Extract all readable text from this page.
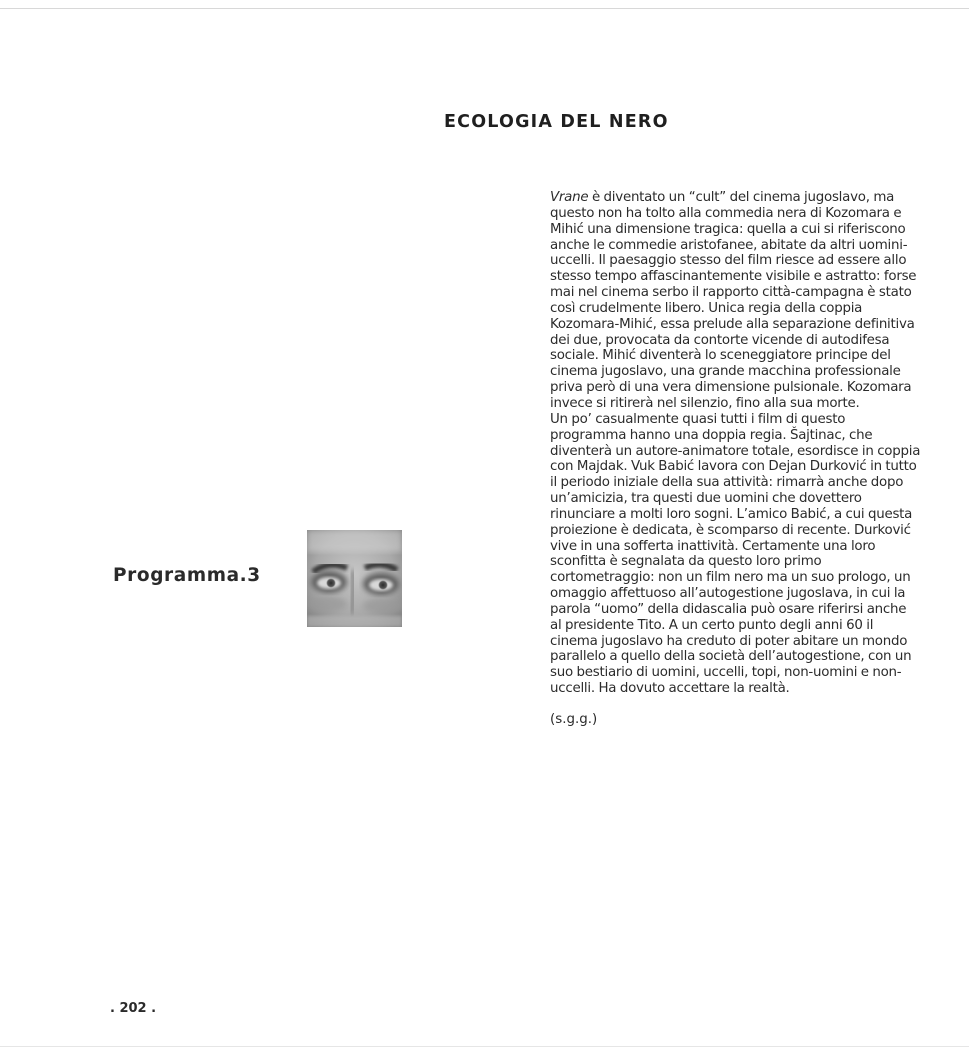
ECOLOGIA DEL NERO
Programma.3
Vrane è diventato un “cult” del cinema jugoslavo, ma
questo non ha tolto alla commedia nera di Kozomara e
Mihić una dimensione tragica: quella a cui si riferiscono
anche le commedie aristofanee, abitate da altri uomini-
uccelli. Il paesaggio stesso del film riesce ad essere allo
stesso tempo affascinantemente visibile e astratto: forse
mai nel cinema serbo il rapporto città-campagna è stato
così crudelmente libero. Unica regia della coppia
Kozomara-Mihić, essa prelude alla separazione definitiva
dei due, provocata da contorte vicende di autodifesa
sociale. Mihić diventerà lo sceneggiatore principe del
cinema jugoslavo, una grande macchina professionale
priva però di una vera dimensione pulsionale. Kozomara
invece si ritirerà nel silenzio, fino alla sua morte.
Un po’ casualmente quasi tutti i film di questo
programma hanno una doppia regia. Šajtinac, che
diventerà un autore-animatore totale, esordisce in coppia
con Majdak. Vuk Babić lavora con Dejan Durković in tutto
il periodo iniziale della sua attività: rimarrà anche dopo
un’amicizia, tra questi due uomini che dovettero
rinunciare a molti loro sogni. L’amico Babić, a cui questa
proiezione è dedicata, è scomparso di recente. Durković
vive in una sofferta inattività. Certamente una loro
sconfitta è segnalata da questo loro primo
cortometraggio: non un film nero ma un suo prologo, un
omaggio affettuoso all’autogestione jugoslava, in cui la
parola “uomo” della didascalia può osare riferirsi anche
al presidente Tito. A un certo punto degli anni 60 il
cinema jugoslavo ha creduto di poter abitare un mondo
parallelo a quello della società dell’autogestione, con un
suo bestiario di uomini, uccelli, topi, non-uomini e non-
uccelli. Ha dovuto accettare la realtà.
(s.g.g.)
. 202 .
